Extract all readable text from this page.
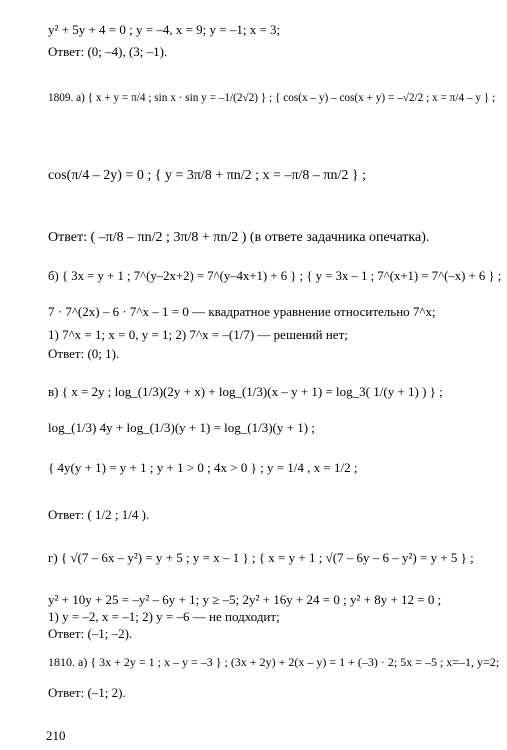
y² + 5y + 4 = 0 ; y = –4, x = 9; y = –1; x = 3;
Ответ: (0; –4), (3; –1).
1809. а) { x + y = π/4 ; sin x · sin y = –1/(2√2) } ; { cos(x – y) – cos(x + y) = –√2/2 ; x = π/4 – y } ;
cos(π/4 – 2y) = 0 ; { y = 3π/8 + πn/2 ; x = –π/8 – πn/2 } ;
Ответ: ( –π/8 – πn/2 ; 3π/8 + πn/2 ) (в ответе задачника опечатка).
б) { 3x = y + 1 ; 7^(y–2x+2) = 7^(y–4x+1) + 6 } ; { y = 3x – 1 ; 7^(x+1) = 7^(–x) + 6 } ;
7 · 7^(2x) – 6 · 7^x – 1 = 0 — квадратное уравнение относительно 7^x;
1) 7^x = 1; x = 0, y = 1; 2) 7^x = –(1/7) — решений нет;
Ответ: (0; 1).
в) { x = 2y ; log_(1/3)(2y + x) + log_(1/3)(x – y + 1) = log_3( 1/(y + 1) ) } ;
log_(1/3) 4y + log_(1/3)(y + 1) = log_(1/3)(y + 1) ;
{ 4y(y + 1) = y + 1 ; y + 1 > 0 ; 4x > 0 } ; y = 1/4 , x = 1/2 ;
Ответ: ( 1/2 ; 1/4 ).
г) { √(7 – 6x – y²) = y + 5 ; y = x – 1 } ; { x = y + 1 ; √(7 – 6y – 6 – y²) = y + 5 } ;
y² + 10y + 25 = –y² – 6y + 1; y ≥ –5; 2y² + 16y + 24 = 0 ; y² + 8y + 12 = 0 ;
1) y = –2, x = –1; 2) y = –6 — не подходит;
Ответ: (–1; –2).
1810. а) { 3x + 2y = 1 ; x – y = –3 } ; (3x + 2y) + 2(x – y) = 1 + (–3) · 2; 5x = –5 ; x=–1, y=2;
Ответ: (–1; 2).
210
